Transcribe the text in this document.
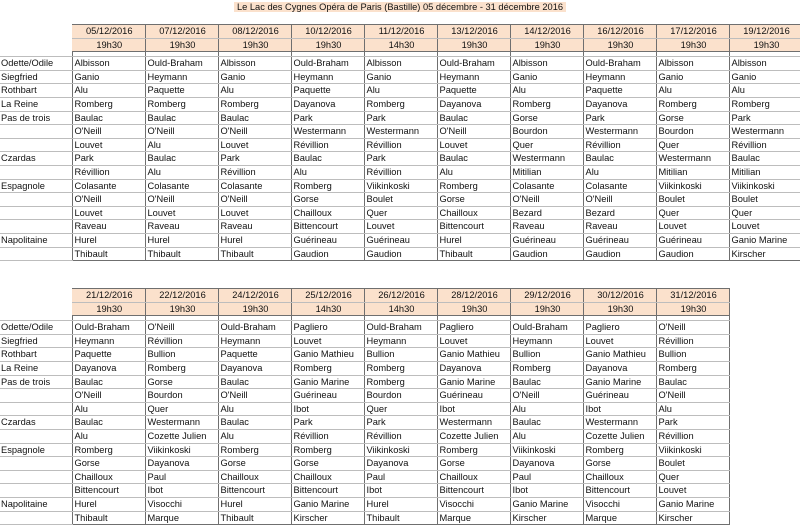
Le Lac des Cygnes Opéra de Paris (Bastille) 05 décembre - 31 décembre 2016
	05/12/2016	07/12/2016	08/12/2016	10/12/2016	11/12/2016	13/12/2016	14/12/2016	16/12/2016	17/12/2016	19/12/2016
	19h30	19h30	19h30	19h30	14h30	19h30	19h30	19h30	19h30	19h30

Odette/Odile	Albisson	Ould-Braham	Albisson	Ould-Braham	Albisson	Ould-Braham	Albisson	Ould-Braham	Albisson	Albisson
Siegfried	Ganio	Heymann	Ganio	Heymann	Ganio	Heymann	Ganio	Heymann	Ganio	Ganio
Rothbart	Alu	Paquette	Alu	Paquette	Alu	Paquette	Alu	Paquette	Alu	Alu
La Reine	Romberg	Romberg	Romberg	Dayanova	Romberg	Dayanova	Romberg	Dayanova	Romberg	Romberg
Pas de trois	Baulac	Baulac	Baulac	Park	Park	Baulac	Gorse	Park	Gorse	Park
	O'Neill	O'Neill	O'Neill	Westermann	Westermann	O'Neill	Bourdon	Westermann	Bourdon	Westermann
	Louvet	Alu	Louvet	Révillion	Révillion	Louvet	Quer	Révillion	Quer	Révillion
Czardas	Park	Baulac	Park	Baulac	Park	Baulac	Westermann	Baulac	Westermann	Baulac
	Révillion	Alu	Révillion	Alu	Révillion	Alu	Mitilian	Alu	Mitilian	Mitilian
Espagnole	Colasante	Colasante	Colasante	Romberg	Viikinkoski	Romberg	Colasante	Colasante	Viikinkoski	Viikinkoski
	O'Neill	O'Neill	O'Neill	Gorse	Boulet	Gorse	O'Neill	O'Neill	Boulet	Boulet
	Louvet	Louvet	Louvet	Chailloux	Quer	Chailloux	Bezard	Bezard	Quer	Quer
	Raveau	Raveau	Raveau	Bittencourt	Louvet	Bittencourt	Raveau	Raveau	Louvet	Louvet
Napolitaine	Hurel	Hurel	Hurel	Guérineau	Guérineau	Hurel	Guérineau	Guérineau	Guérineau	Ganio Marine
	Thibault	Thibault	Thibault	Gaudion	Gaudion	Thibault	Gaudion	Gaudion	Gaudion	Kirscher
	21/12/2016	22/12/2016	24/12/2016	25/12/2016	26/12/2016	28/12/2016	29/12/2016	30/12/2016	31/12/2016
	19h30	19h30	19h30	14h30	14h30	19h30	19h30	19h30	19h30

Odette/Odile	Ould-Braham	O'Neill	Ould-Braham	Pagliero	Ould-Braham	Pagliero	Ould-Braham	Pagliero	O'Neill
Siegfried	Heymann	Révillion	Heymann	Louvet	Heymann	Louvet	Heymann	Louvet	Révillion
Rothbart	Paquette	Bullion	Paquette	Ganio Mathieu	Bullion	Ganio Mathieu	Bullion	Ganio Mathieu	Bullion
La Reine	Dayanova	Romberg	Dayanova	Romberg	Romberg	Dayanova	Romberg	Dayanova	Romberg
Pas de trois	Baulac	Gorse	Baulac	Ganio Marine	Romberg	Ganio Marine	Baulac	Ganio Marine	Baulac
	O'Neill	Bourdon	O'Neill	Guérineau	Bourdon	Guérineau	O'Neill	Guérineau	O'Neill
	Alu	Quer	Alu	Ibot	Quer	Ibot	Alu	Ibot	Alu
Czardas	Baulac	Westermann	Baulac	Park	Park	Westermann	Baulac	Westermann	Park
	Alu	Cozette Julien	Alu	Révillion	Révillion	Cozette Julien	Alu	Cozette Julien	Révillion
Espagnole	Romberg	Viikinkoski	Romberg	Romberg	Viikinkoski	Romberg	Viikinkoski	Romberg	Viikinkoski
	Gorse	Dayanova	Gorse	Gorse	Dayanova	Gorse	Dayanova	Gorse	Boulet
	Chailloux	Paul	Chailloux	Chailloux	Paul	Chailloux	Paul	Chailloux	Quer
	Bittencourt	Ibot	Bittencourt	Bittencourt	Ibot	Bittencourt	Ibot	Bittencourt	Louvet
Napolitaine	Hurel	Visocchi	Hurel	Ganio Marine	Hurel	Visocchi	Ganio Marine	Visocchi	Ganio Marine
	Thibault	Marque	Thibault	Kirscher	Thibault	Marque	Kirscher	Marque	Kirscher
